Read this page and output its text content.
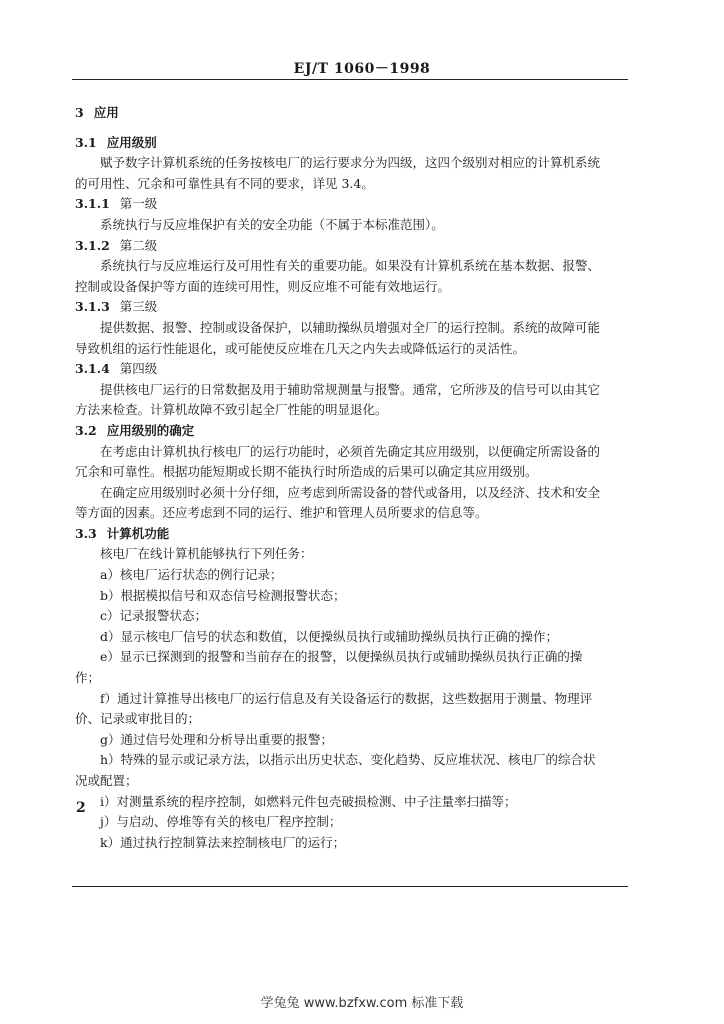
EJ/T 1060－1998

3 应用

3.1 应用级别

赋予数字计算机系统的任务按核电厂的运行要求分为四级，这四个级别对相应的计算机系统的可用性、冗余和可靠性具有不同的要求，详见 3.4。

3.1.1 第一级

系统执行与反应堆保护有关的安全功能（不属于本标准范围）。

3.1.2 第二级

系统执行与反应堆运行及可用性有关的重要功能。如果没有计算机系统在基本数据、报警、控制或设备保护等方面的连续可用性，则反应堆不可能有效地运行。

3.1.3 第三级

提供数据、报警、控制或设备保护，以辅助操纵员增强对全厂的运行控制。系统的故障可能导致机组的运行性能退化，或可能使反应堆在几天之内失去或降低运行的灵活性。

3.1.4 第四级

提供核电厂运行的日常数据及用于辅助常规测量与报警。通常，它所涉及的信号可以由其它方法来检查。计算机故障不致引起全厂性能的明显退化。

3.2 应用级别的确定

在考虑由计算机执行核电厂的运行功能时，必须首先确定其应用级别，以便确定所需设备的冗余和可靠性。根据功能短期或长期不能执行时所造成的后果可以确定其应用级别。

在确定应用级别时必须十分仔细，应考虑到所需设备的替代或备用，以及经济、技术和安全等方面的因素。还应考虑到不同的运行、维护和管理人员所要求的信息等。

3.3 计算机功能

核电厂在线计算机能够执行下列任务：

a）核电厂运行状态的例行记录；

b）根据模拟信号和双态信号检测报警状态；

c）记录报警状态；

d）显示核电厂信号的状态和数值，以便操纵员执行或辅助操纵员执行正确的操作；

e）显示已探测到的报警和当前存在的报警，以便操纵员执行或辅助操纵员执行正确的操作；

f）通过计算推导出核电厂的运行信息及有关设备运行的数据，这些数据用于测量、物理评价、记录或审批目的；

g）通过信号处理和分析导出重要的报警；

h）特殊的显示或记录方法，以指示出历史状态、变化趋势、反应堆状况、核电厂的综合状况或配置；

i）对测量系统的程序控制，如燃料元件包壳破损检测、中子注量率扫描等；

j）与启动、停堆等有关的核电厂程序控制；

k）通过执行控制算法来控制核电厂的运行；

2
学兔兔 www.bzfxw.com 标准下载
